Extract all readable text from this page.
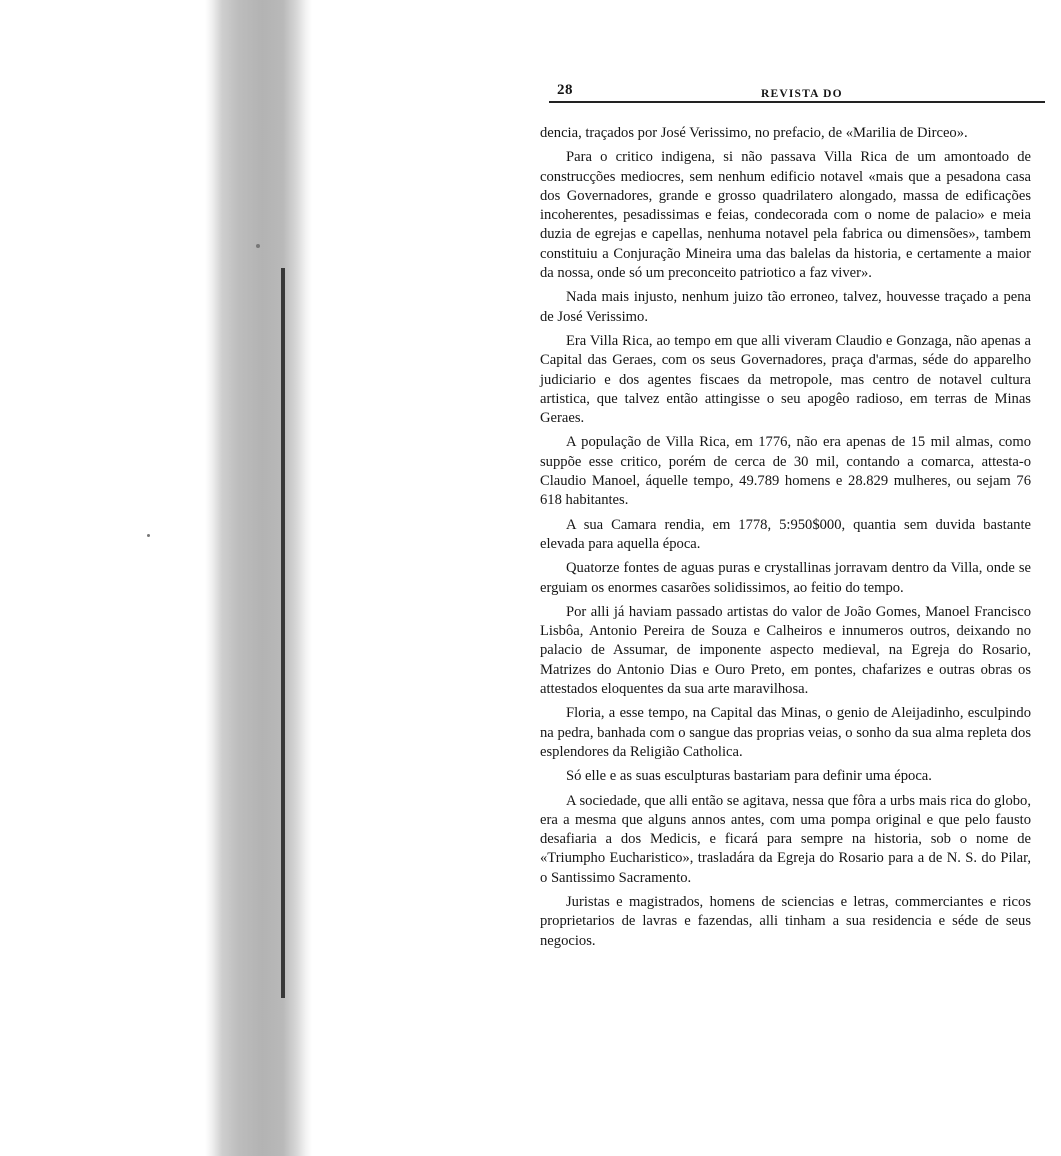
28	REVISTA DO

dencia, traçados por José Verissimo, no prefacio, de «Marilia de Dirceo».

Para o critico indigena, si não passava Villa Rica de um amontoado de construcções mediocres, sem nenhum edificio notavel «mais que a pesadona casa dos Governadores, grande e grosso quadrilatero alongado, massa de edificações incoherentes, pesadissimas e feias, condecorada com o nome de palacio» e meia duzia de egrejas e capellas, nenhuma notavel pela fabrica ou dimensões», tambem constituiu a Conjuração Mineira uma das balelas da historia, e certamente a maior da nossa, onde só um preconceito patriotico a faz viver».

Nada mais injusto, nenhum juizo tão erroneo, talvez, houvesse traçado a pena de José Verissimo.

Era Villa Rica, ao tempo em que alli viveram Claudio e Gonzaga, não apenas a Capital das Geraes, com os seus Governadores, praça d'armas, séde do apparelho judiciario e dos agentes fiscaes da metropole, mas centro de notavel cultura artistica, que talvez então attingisse o seu apogêo radioso, em terras de Minas Geraes.

A população de Villa Rica, em 1776, não era apenas de 15 mil almas, como suppõe esse critico, porém de cerca de 30 mil, contando a comarca, attesta-o Claudio Manoel, áquelle tempo, 49.789 homens e 28.829 mulheres, ou sejam 76 618 habitantes.

A sua Camara rendia, em 1778, 5:950$000, quantia sem duvida bastante elevada para aquella época.

Quatorze fontes de aguas puras e crystallinas jorravam dentro da Villa, onde se erguiam os enormes casarões solidissimos, ao feitio do tempo.

Por alli já haviam passado artistas do valor de João Gomes, Manoel Francisco Lisbôa, Antonio Pereira de Souza e Calheiros e innumeros outros, deixando no palacio de Assumar, de imponente aspecto medieval, na Egreja do Rosario, Matrizes do Antonio Dias e Ouro Preto, em pontes, chafarizes e outras obras os attestados eloquentes da sua arte maravilhosa.

Floria, a esse tempo, na Capital das Minas, o genio de Aleijadinho, esculpindo na pedra, banhada com o sangue das proprias veias, o sonho da sua alma repleta dos esplendores da Religião Catholica.

Só elle e as suas esculpturas bastariam para definir uma época.

A sociedade, que alli então se agitava, nessa que fôra a urbs mais rica do globo, era a mesma que alguns annos antes, com uma pompa original e que pelo fausto desafiaria a dos Medicis, e ficará para sempre na historia, sob o nome de «Triumpho Eucharistico», trasladára da Egreja do Rosario para a de N. S. do Pilar, o Santissimo Sacramento.

Juristas e magistrados, homens de sciencias e letras, commerciantes e ricos proprietarios de lavras e fazendas, alli tinham a sua residencia e séde de seus negocios.
